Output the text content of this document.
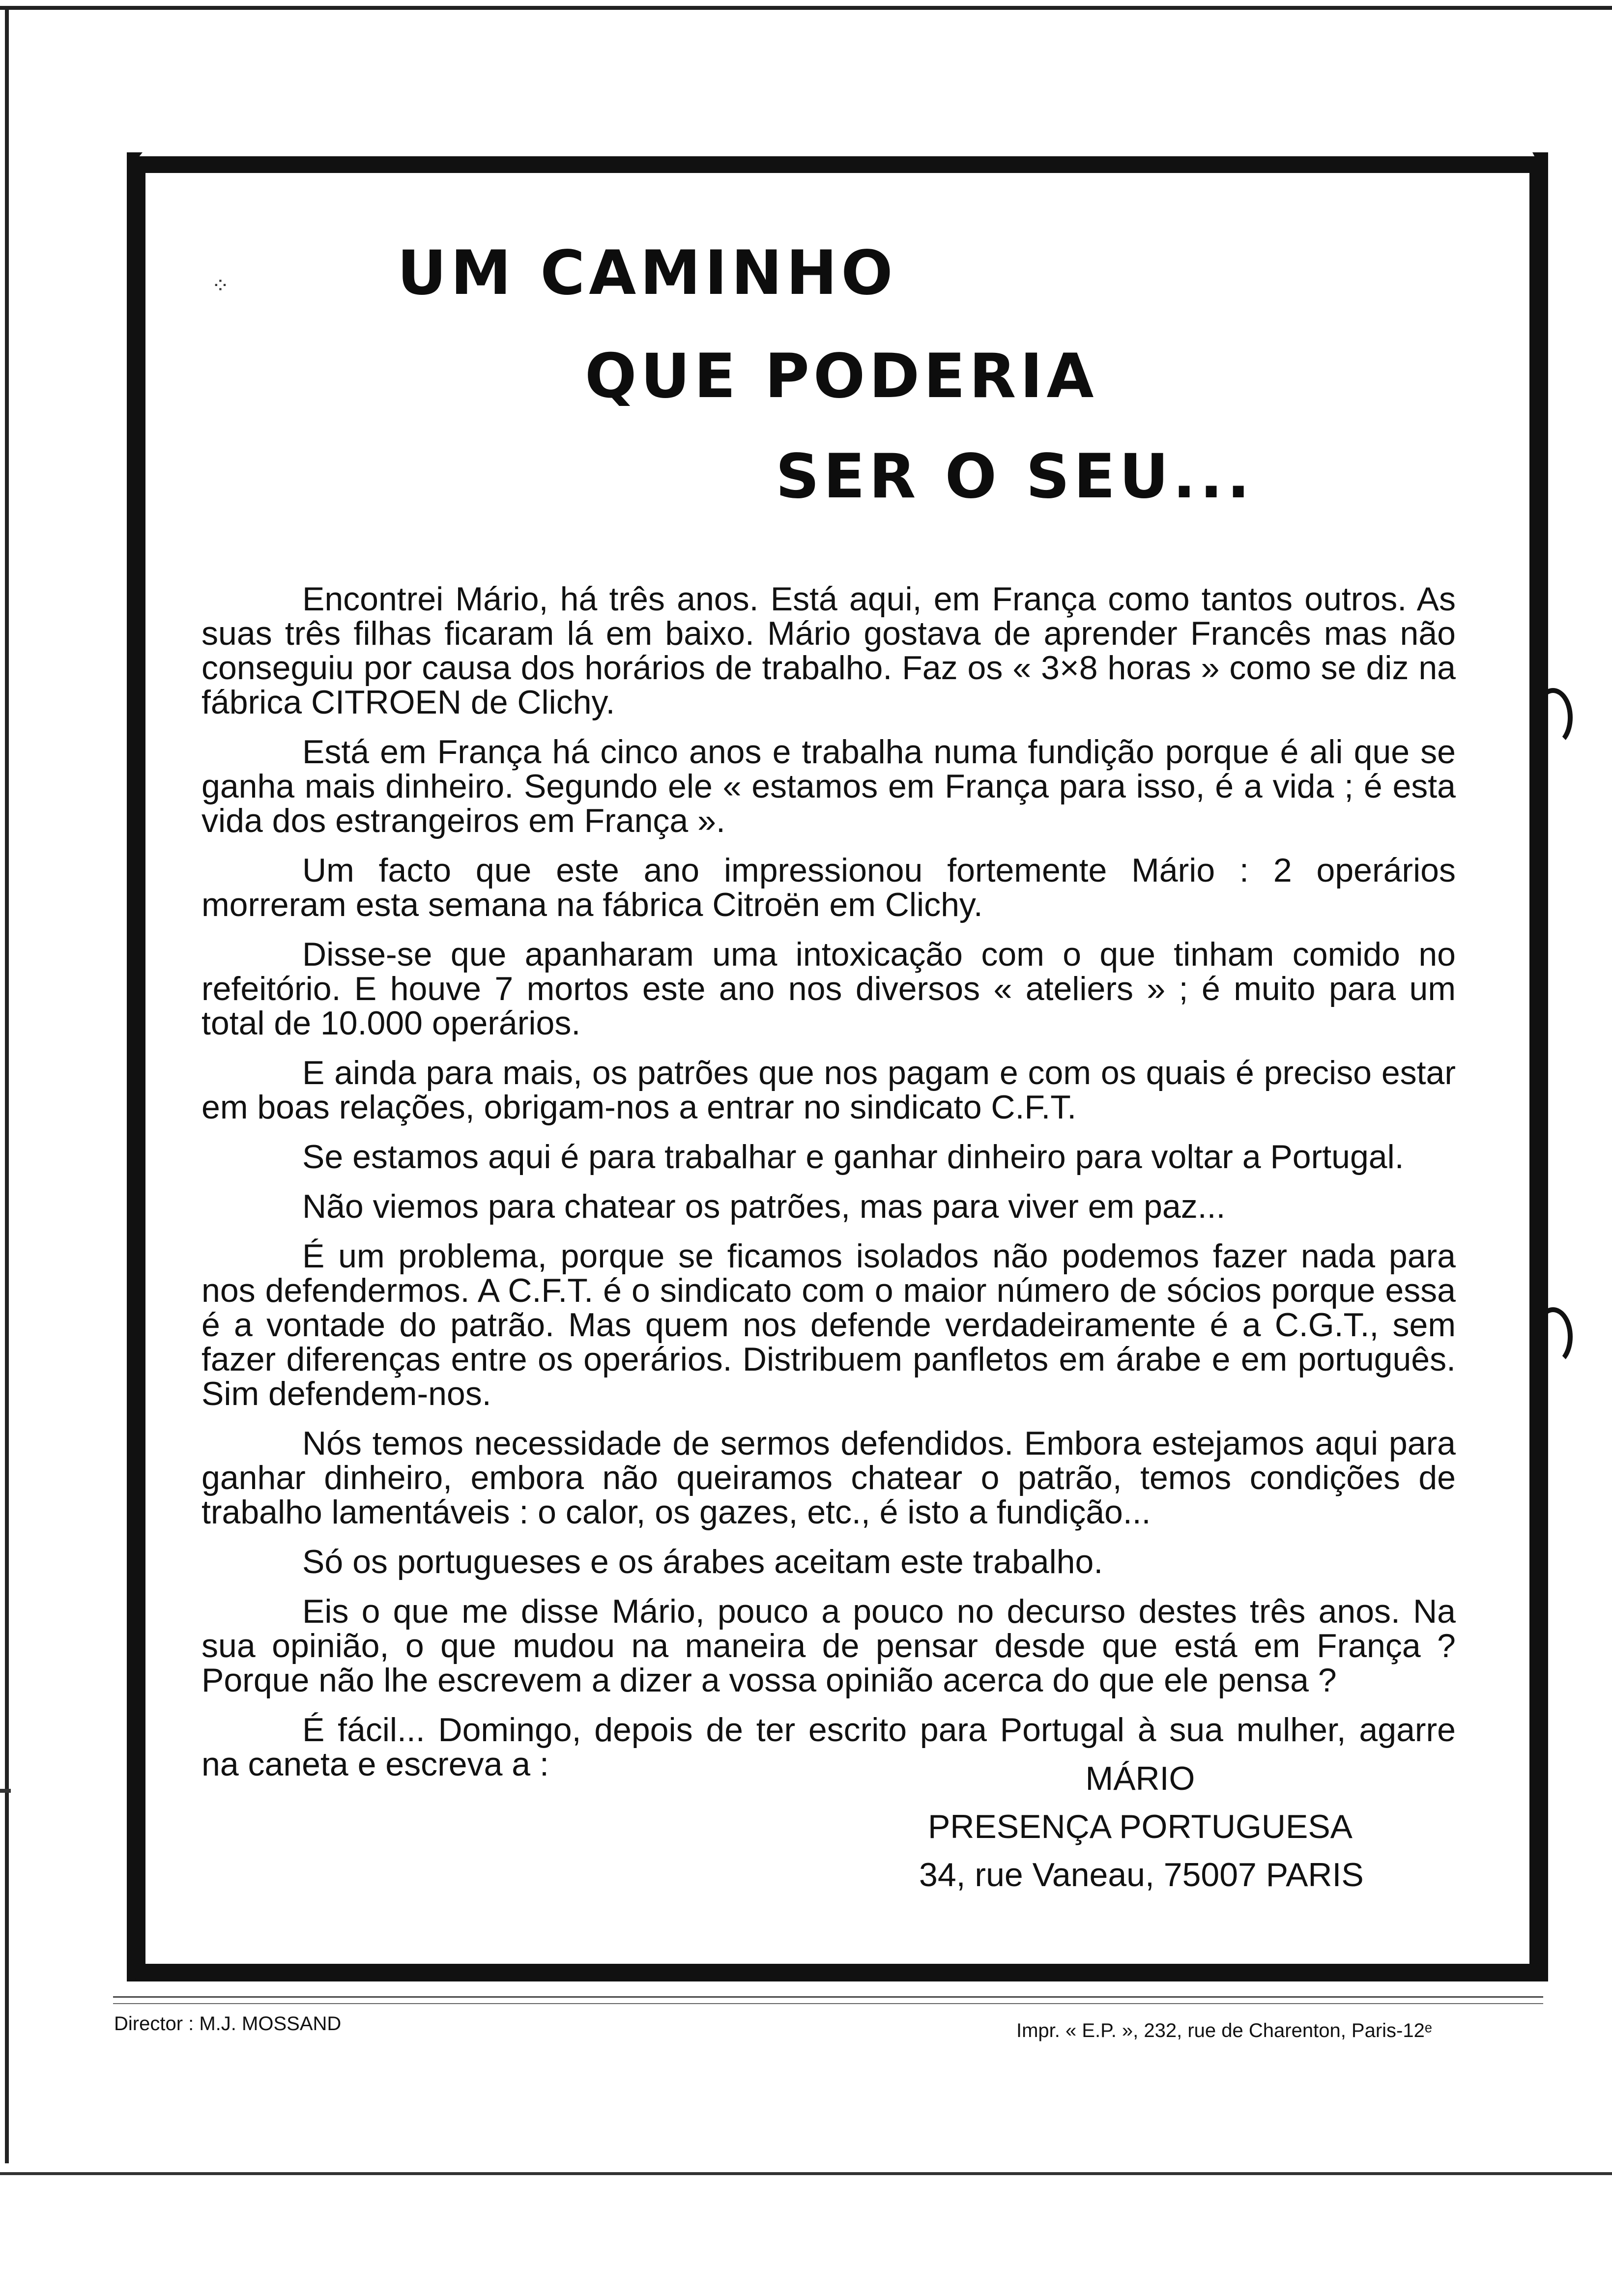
⁘	UM CAMINHO
QUE PODERIA
SER O SEU...

Encontrei Mário, há três anos. Está aqui, em França como tantos outros. As suas três filhas ficaram lá em baixo. Mário gostava de aprender Francês mas não conseguiu por causa dos horários de trabalho. Faz os « 3×8 horas » como se diz na fábrica CITROEN de Clichy.

Está em França há cinco anos e trabalha numa fundição porque é ali que se ganha mais dinheiro. Segundo ele « estamos em França para isso, é a vida ; é esta vida dos estrangeiros em França ».

Um facto que este ano impressionou fortemente Mário : 2 operários morreram esta semana na fábrica Citroën em Clichy.

Disse-se que apanharam uma intoxicação com o que tinham comido no refeitório. E houve 7 mortos este ano nos diversos « ateliers » ; é muito para um total de 10.000 operários.

E ainda para mais, os patrões que nos pagam e com os quais é preciso estar em boas relações, obrigam-nos a entrar no sindicato C.F.T.

Se estamos aqui é para trabalhar e ganhar dinheiro para voltar a Portugal.

Não viemos para chatear os patrões, mas para viver em paz...

É um problema, porque se ficamos isolados não podemos fazer nada para nos defendermos. A C.F.T. é o sindicato com o maior número de sócios porque essa é a vontade do patrão. Mas quem nos defende verdadeiramente é a C.G.T., sem fazer diferenças entre os operários. Distribuem panfletos em árabe e em português. Sim defendem-nos.

Nós temos necessidade de sermos defendidos. Embora estejamos aqui para ganhar dinheiro, embora não queiramos chatear o patrão, temos condições de trabalho lamentáveis : o calor, os gazes, etc., é isto a fundição...

Só os portugueses e os árabes aceitam este trabalho.

Eis o que me disse Mário, pouco a pouco no decurso destes três anos. Na sua opinião, o que mudou na maneira de pensar desde que está em França ? Porque não lhe escrevem a dizer a vossa opinião acerca do que ele pensa ?

É fácil... Domingo, depois de ter escrito para Portugal à sua mulher, agarre na caneta e escreva a :	MÁRIO
PRESENÇA PORTUGUESA
34, rue Vaneau, 75007 PARIS
Director : M.J. MOSSAND	Impr. « E.P. », 232, rue de Charenton, Paris-12ᵉ
